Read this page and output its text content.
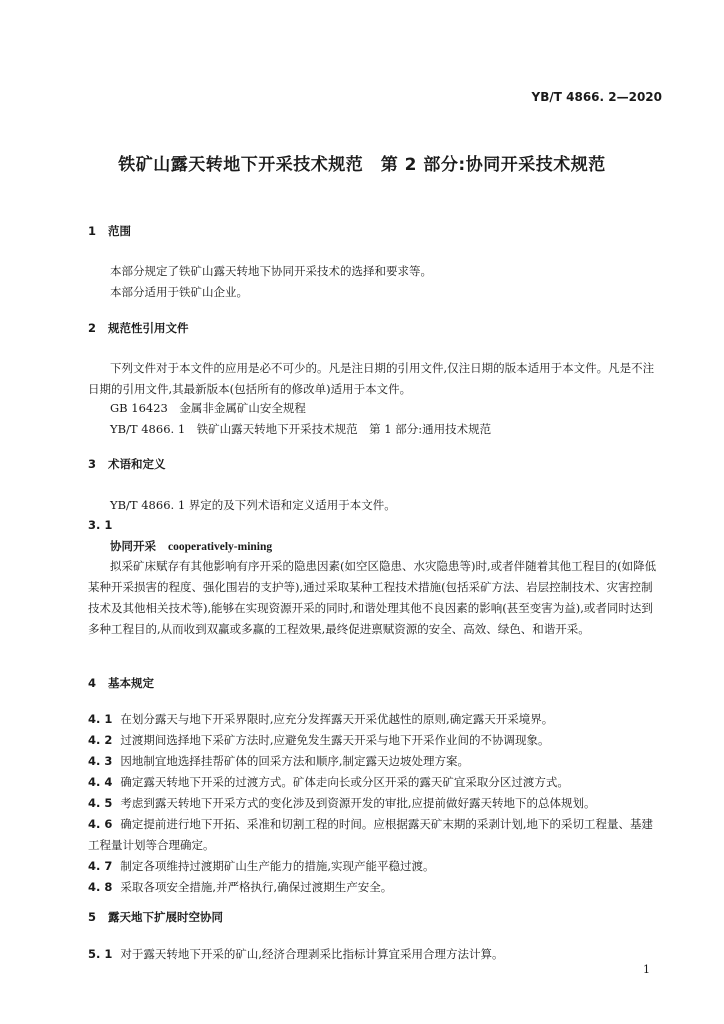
YB/T 4866. 2—2020
铁矿山露天转地下开采技术规范　第 2 部分:协同开采技术规范
1 范围
本部分规定了铁矿山露天转地下协同开采技术的选择和要求等。
本部分适用于铁矿山企业。
2 规范性引用文件
下列文件对于本文件的应用是必不可少的。凡是注日期的引用文件,仅注日期的版本适用于本文件。凡是不注日期的引用文件,其最新版本(包括所有的修改单)适用于本文件。
GB 16423　金属非金属矿山安全规程
YB/T 4866. 1　铁矿山露天转地下开采技术规范　第 1 部分:通用技术规范
3 术语和定义
YB/T 4866. 1 界定的及下列术语和定义适用于本文件。
3. 1
协同开采 cooperatively-mining
拟采矿床赋存有其他影响有序开采的隐患因素(如空区隐患、水灾隐患等)时,或者伴随着其他工程目的(如降低某种开采损害的程度、强化围岩的支护等),通过采取某种工程技术措施(包括采矿方法、岩层控制技术、灾害控制技术及其他相关技术等),能够在实现资源开采的同时,和谐处理其他不良因素的影响(甚至变害为益),或者同时达到多种工程目的,从而收到双赢或多赢的工程效果,最终促进禀赋资源的安全、高效、绿色、和谐开采。
4 基本规定
4. 1 在划分露天与地下开采界限时,应充分发挥露天开采优越性的原则,确定露天开采境界。
4. 2 过渡期间选择地下采矿方法时,应避免发生露天开采与地下开采作业间的不协调现象。
4. 3 因地制宜地选择挂帮矿体的回采方法和顺序,制定露天边坡处理方案。
4. 4 确定露天转地下开采的过渡方式。矿体走向长或分区开采的露天矿宜采取分区过渡方式。
4. 5 考虑到露天转地下开采方式的变化涉及到资源开发的审批,应提前做好露天转地下的总体规划。
4. 6 确定提前进行地下开拓、采准和切割工程的时间。应根据露天矿末期的采剥计划,地下的采切工程量、基建工程量计划等合理确定。
4. 7 制定各项维持过渡期矿山生产能力的措施,实现产能平稳过渡。
4. 8 采取各项安全措施,并严格执行,确保过渡期生产安全。
5 露天地下扩展时空协同
5. 1 对于露天转地下开采的矿山,经济合理剥采比指标计算宜采用合理方法计算。
1
